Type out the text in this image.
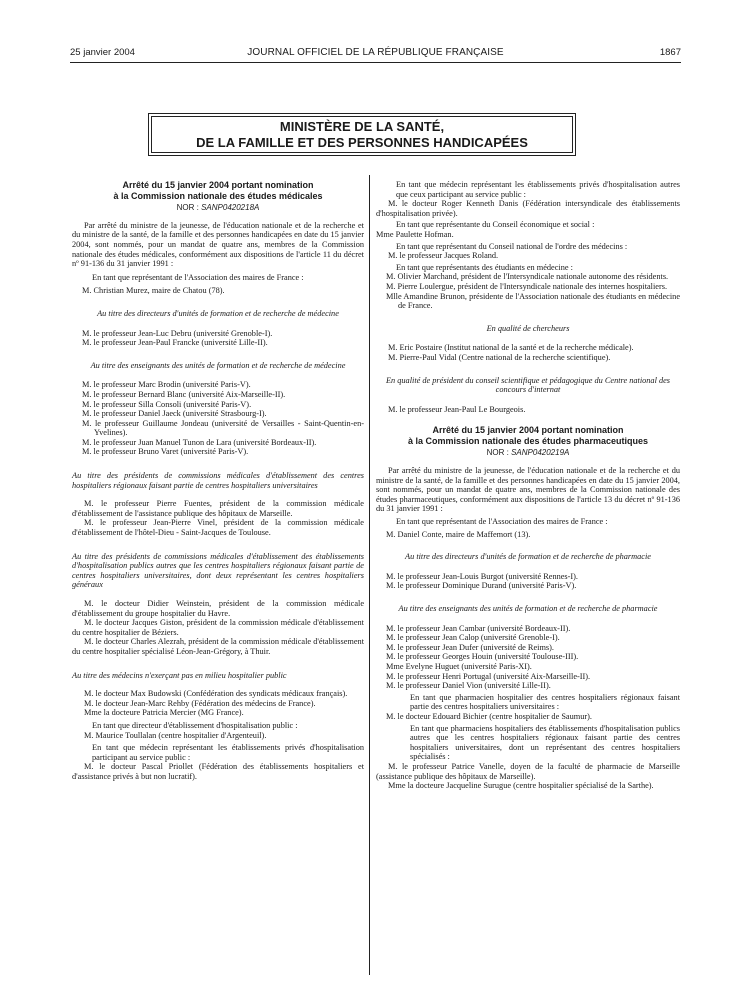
25 janvier 2004	JOURNAL OFFICIEL DE LA RÉPUBLIQUE FRANÇAISE	1867
MINISTÈRE DE LA SANTÉ,
DE LA FAMILLE ET DES PERSONNES HANDICAPÉES
Arrêté du 15 janvier 2004 portant nomination
à la Commission nationale des études médicales
NOR : SANP0420218A

Par arrêté du ministre de la jeunesse, de l'éducation nationale et de la recherche et du ministre de la santé, de la famille et des personnes handicapées en date du 15 janvier 2004, sont nommés, pour un mandat de quatre ans, membres de la Commission nationale des études médicales, conformément aux dispositions de l'article 11 du décret nº 91-136 du 31 janvier 1991 :

En tant que représentant de l'Association des maires de France :

M. Christian Murez, maire de Chatou (78).

Au titre des directeurs d'unités de formation et de recherche de médecine

M. le professeur Jean-Luc Debru (université Grenoble-I).

M. le professeur Jean-Paul Francke (université Lille-II).

Au titre des enseignants des unités de formation et de recherche de médecine

M. le professeur Marc Brodin (université Paris-V).

M. le professeur Bernard Blanc (université Aix-Marseille-II).

M. le professeur Silla Consoli (université Paris-V).

M. le professeur Daniel Jaeck (université Strasbourg-I).

M. le professeur Guillaume Jondeau (université de Versailles - Saint-Quentin-en-Yvelines).

M. le professeur Juan Manuel Tunon de Lara (université Bordeaux-II).

M. le professeur Bruno Varet (université Paris-V).

Au titre des présidents de commissions médicales d'établissement des centres hospitaliers régionaux faisant partie de centres hospitaliers universitaires

M. le professeur Pierre Fuentes, président de la commission médicale d'établissement de l'assistance publique des hôpitaux de Marseille.

M. le professeur Jean-Pierre Vinel, président de la commission médicale d'établissement de l'hôtel-Dieu - Saint-Jacques de Toulouse.

Au titre des présidents de commissions médicales d'établissement des établissements d'hospitalisation publics autres que les centres hospitaliers régionaux faisant partie de centres hospitaliers universitaires, dont deux représentant les centres hospitaliers généraux

M. le docteur Didier Weinstein, président de la commission médicale d'établissement du groupe hospitalier du Havre.

M. le docteur Jacques Giston, président de la commission médicale d'établissement du centre hospitalier de Béziers.

M. le docteur Charles Alezrah, président de la commission médicale d'établissement du centre hospitalier spécialisé Léon-Jean-Grégory, à Thuir.

Au titre des médecins n'exerçant pas en milieu hospitalier public

M. le docteur Max Budowski (Confédération des syndicats médicaux français).

M. le docteur Jean-Marc Rehby (Fédération des médecins de France).

Mme la docteure Patricia Mercier (MG France).

En tant que directeur d'établissement d'hospitalisation public :

M. Maurice Toullalan (centre hospitalier d'Argenteuil).

En tant que médecin représentant les établissements privés d'hospitalisation participant au service public :

M. le docteur Pascal Priollet (Fédération des établissements hospitaliers et d'assistance privés à but non lucratif).

En tant que médecin représentant les établissements privés d'hospitalisation autres que ceux participant au service public :

M. le docteur Roger Kenneth Danis (Fédération intersyndicale des établissements d'hospitalisation privée).

En tant que représentante du Conseil économique et social :

Mme Paulette Hofman.

En tant que représentant du Conseil national de l'ordre des médecins :

M. le professeur Jacques Roland.

En tant que représentants des étudiants en médecine :

M. Olivier Marchand, président de l'Intersyndicale nationale autonome des résidents.

M. Pierre Loulergue, président de l'Intersyndicale nationale des internes hospitaliers.

Mlle Amandine Brunon, présidente de l'Association nationale des étudiants en médecine de France.

En qualité de chercheurs

M. Eric Postaire (Institut national de la santé et de la recherche médicale).

M. Pierre-Paul Vidal (Centre national de la recherche scientifique).

En qualité de président du conseil scientifique et pédagogique du Centre national des concours d'internat

M. le professeur Jean-Paul Le Bourgeois.

Arrêté du 15 janvier 2004 portant nomination
à la Commission nationale des études pharmaceutiques
NOR : SANP0420219A

Par arrêté du ministre de la jeunesse, de l'éducation nationale et de la recherche et du ministre de la santé, de la famille et des personnes handicapées en date du 15 janvier 2004, sont nommés, pour un mandat de quatre ans, membres de la Commission nationale des études pharmaceutiques, conformément aux dispositions de l'article 13 du décret nº 91-136 du 31 janvier 1991 :

En tant que représentant de l'Association des maires de France :

M. Daniel Conte, maire de Maffemort (13).

Au titre des directeurs d'unités de formation et de recherche de pharmacie

M. le professeur Jean-Louis Burgot (université Rennes-I).

M. le professeur Dominique Durand (université Paris-V).

Au titre des enseignants des unités de formation et de recherche de pharmacie

M. le professeur Jean Cambar (université Bordeaux-II).

M. le professeur Jean Calop (université Grenoble-I).

M. le professeur Jean Dufer (université de Reims).

M. le professeur Georges Houin (université Toulouse-III).

Mme Evelyne Huguet (université Paris-XI).

M. le professeur Henri Portugal (université Aix-Marseille-II).

M. le professeur Daniel Vion (université Lille-II).

En tant que pharmacien hospitalier des centres hospitaliers régionaux faisant partie des centres hospitaliers universitaires :

M. le docteur Edouard Bichier (centre hospitalier de Saumur).

En tant que pharmaciens hospitaliers des établissements d'hospitalisation publics autres que les centres hospitaliers régionaux faisant partie des centres hospitaliers universitaires, dont un représentant des centres hospitaliers spécialisés :

M. le professeur Patrice Vanelle, doyen de la faculté de pharmacie de Marseille (assistance publique des hôpitaux de Marseille).

Mme la docteure Jacqueline Surugue (centre hospitalier spécialisé de la Sarthe).
